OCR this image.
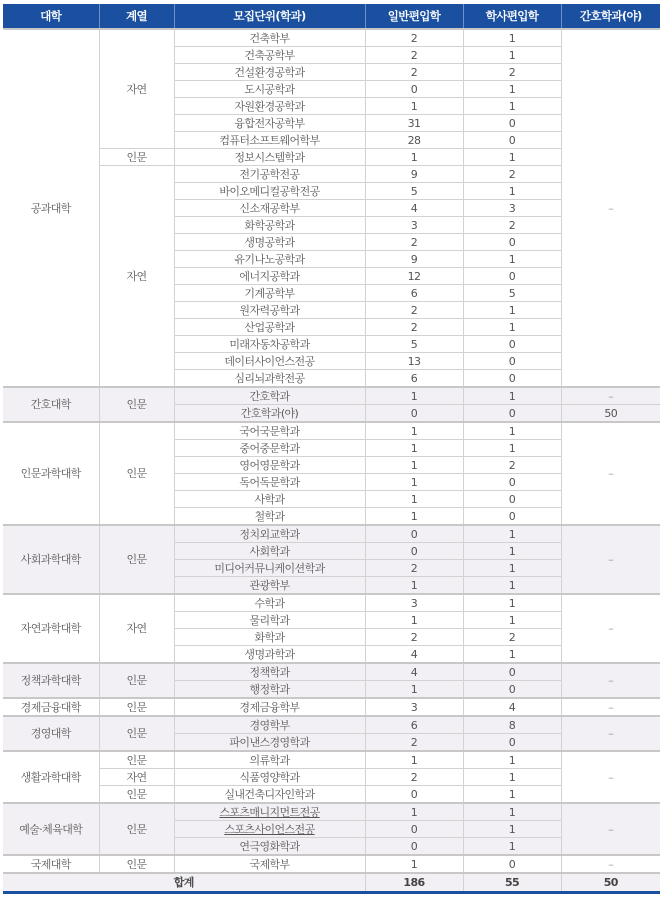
대학	계열	모집단위(학과)	일반편입학	학사편입학	간호학과(야)
공과대학	자연	건축학부	2	1	–
		건축공학부	2	1	
		건설환경공학과	2	2	
		도시공학과	0	1	
		자원환경공학과	1	1	
		융합전자공학부	31	0	
		컴퓨터소프트웨어학부	28	0	
	인문	정보시스템학과	1	1	
	자연	전기공학전공	9	2	
		바이오메디컬공학전공	5	1	
		신소재공학부	4	3	
		화학공학과	3	2	
		생명공학과	2	0	
		유기나노공학과	9	1	
		에너지공학과	12	0	
		기계공학부	6	5	
		원자력공학과	2	1	
		산업공학과	2	1	
		미래자동차공학과	5	0	
		데이터사이언스전공	13	0	
		심리뇌과학전공	6	0	
간호대학	인문	간호학과	1	1	–
		간호학과(야)	0	0	50
인문과학대학	인문	국어국문학과	1	1	–
		중어중문학과	1	1	
		영어영문학과	1	2	
		독어독문학과	1	0	
		사학과	1	0	
		철학과	1	0	
사회과학대학	인문	정치외교학과	0	1	–
		사회학과	0	1	
		미디어커뮤니케이션학과	2	1	
		관광학부	1	1	
자연과학대학	자연	수학과	3	1	–
		물리학과	1	1	
		화학과	2	2	
		생명과학과	4	1	
정책과학대학	인문	정책학과	4	0	–
		행정학과	1	0	
경제금융대학	인문	경제금융학부	3	4	–
경영대학	인문	경영학부	6	8	–
		파이낸스경영학과	2	0	
생활과학대학	인문	의류학과	1	1	–
	자연	식품영양학과	2	1	
	인문	실내건축디자인학과	0	1	
예술·체육대학	인문	스포츠매니지먼트전공	1	1	–
		스포츠사이언스전공	0	1	
		연극영화학과	0	1	
국제대학	인문	국제학부	1	0	–
합계			186	55	50
